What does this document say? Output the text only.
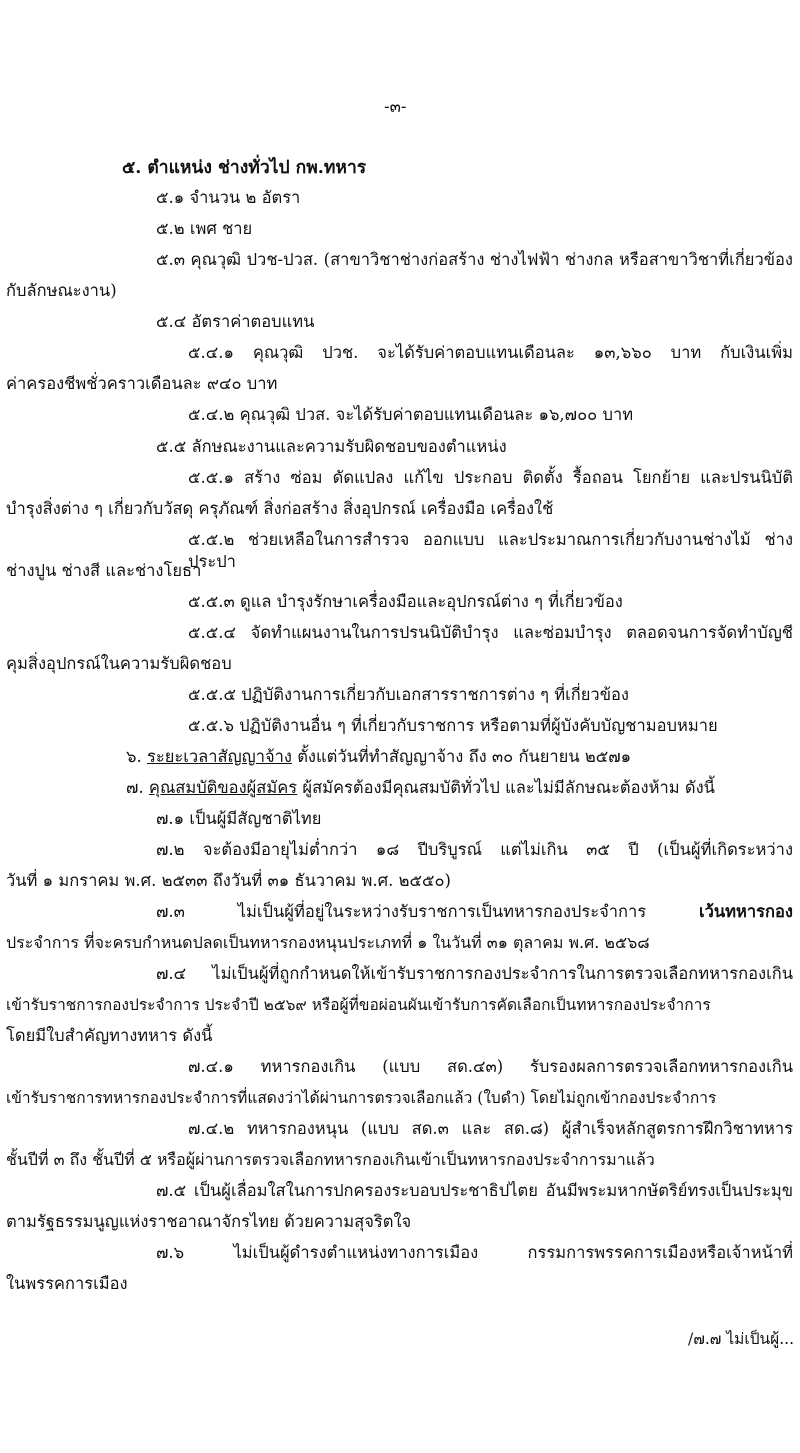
-๓-
๕. ตำแหน่ง ช่างทั่วไป กพ.ทหาร
๕.๑ จำนวน ๒ อัตรา
๕.๒ เพศ ชาย
๕.๓ คุณวุฒิ ปวช-ปวส. (สาขาวิชาช่างก่อสร้าง ช่างไฟฟ้า ช่างกล หรือสาขาวิชาที่เกี่ยวข้อง
กับลักษณะงาน)
๕.๔ อัตราค่าตอบแทน
๕.๔.๑ คุณวุฒิ ปวช. จะได้รับค่าตอบแทนเดือนละ ๑๓,๖๖๐ บาท กับเงินเพิ่ม
ค่าครองชีพชั่วคราวเดือนละ ๙๔๐ บาท
๕.๔.๒ คุณวุฒิ ปวส. จะได้รับค่าตอบแทนเดือนละ ๑๖,๗๐๐ บาท
๕.๕ ลักษณะงานและความรับผิดชอบของตำแหน่ง
๕.๕.๑ สร้าง ซ่อม ดัดแปลง แก้ไข ประกอบ ติดตั้ง รื้อถอน โยกย้าย และปรนนิบัติ
บำรุงสิ่งต่าง ๆ เกี่ยวกับวัสดุ ครุภัณฑ์ สิ่งก่อสร้าง สิ่งอุปกรณ์ เครื่องมือ เครื่องใช้
๕.๕.๒ ช่วยเหลือในการสำรวจ ออกแบบ และประมาณการเกี่ยวกับงานช่างไม้ ช่างประปา
ช่างปูน ช่างสี และช่างโยธา
๕.๕.๓ ดูแล บำรุงรักษาเครื่องมือและอุปกรณ์ต่าง ๆ ที่เกี่ยวข้อง
๕.๕.๔ จัดทำแผนงานในการปรนนิบัติบำรุง และซ่อมบำรุง ตลอดจนการจัดทำบัญชี
คุมสิ่งอุปกรณ์ในความรับผิดชอบ
๕.๕.๕ ปฏิบัติงานการเกี่ยวกับเอกสารราชการต่าง ๆ ที่เกี่ยวข้อง
๕.๕.๖ ปฏิบัติงานอื่น ๆ ที่เกี่ยวกับราชการ หรือตามที่ผู้บังคับบัญชามอบหมาย
๖. ระยะเวลาสัญญาจ้าง ตั้งแต่วันที่ทำสัญญาจ้าง ถึง ๓๐ กันยายน ๒๕๗๑
๗. คุณสมบัติของผู้สมัคร ผู้สมัครต้องมีคุณสมบัติทั่วไป และไม่มีลักษณะต้องห้าม ดังนี้
๗.๑ เป็นผู้มีสัญชาติไทย
๗.๒ จะต้องมีอายุไม่ต่ำกว่า ๑๘ ปีบริบูรณ์ แต่ไม่เกิน ๓๕ ปี (เป็นผู้ที่เกิดระหว่าง
วันที่ ๑ มกราคม พ.ศ. ๒๕๓๓ ถึงวันที่ ๓๑ ธันวาคม พ.ศ. ๒๕๕๐)
๗.๓ ไม่เป็นผู้ที่อยู่ในระหว่างรับราชการเป็นทหารกองประจำการ	เว้นทหารกอง
ประจำการ ที่จะครบกำหนดปลดเป็นทหารกองหนุนประเภทที่ ๑ ในวันที่ ๓๑ ตุลาคม พ.ศ. ๒๕๖๘
๗.๔ ไม่เป็นผู้ที่ถูกกำหนดให้เข้ารับราชการกองประจำการในการตรวจเลือกทหารกองเกิน
เข้ารับราชการกองประจำการ ประจำปี ๒๕๖๙ หรือผู้ที่ขอผ่อนผันเข้ารับการคัดเลือกเป็นทหารกองประจำการ
โดยมีใบสำคัญทางทหาร ดังนี้
๗.๔.๑ ทหารกองเกิน (แบบ สด.๔๓) รับรองผลการตรวจเลือกทหารกองเกิน
เข้ารับราชการทหารกองประจำการที่แสดงว่าได้ผ่านการตรวจเลือกแล้ว (ใบดำ) โดยไม่ถูกเข้ากองประจำการ
๗.๔.๒ ทหารกองหนุน (แบบ สด.๓ และ สด.๘) ผู้สำเร็จหลักสูตรการฝึกวิชาทหาร
ชั้นปีที่ ๓ ถึง ชั้นปีที่ ๕ หรือผู้ผ่านการตรวจเลือกทหารกองเกินเข้าเป็นทหารกองประจำการมาแล้ว
๗.๕ เป็นผู้เลื่อมใสในการปกครองระบอบประชาธิปไตย อันมีพระมหากษัตริย์ทรงเป็นประมุข
ตามรัฐธรรมนูญแห่งราชอาณาจักรไทย ด้วยความสุจริตใจ
๗.๖ ไม่เป็นผู้ดำรงตำแหน่งทางการเมือง กรรมการพรรคการเมืองหรือเจ้าหน้าที่
ในพรรคการเมือง
/๗.๗ ไม่เป็นผู้...
